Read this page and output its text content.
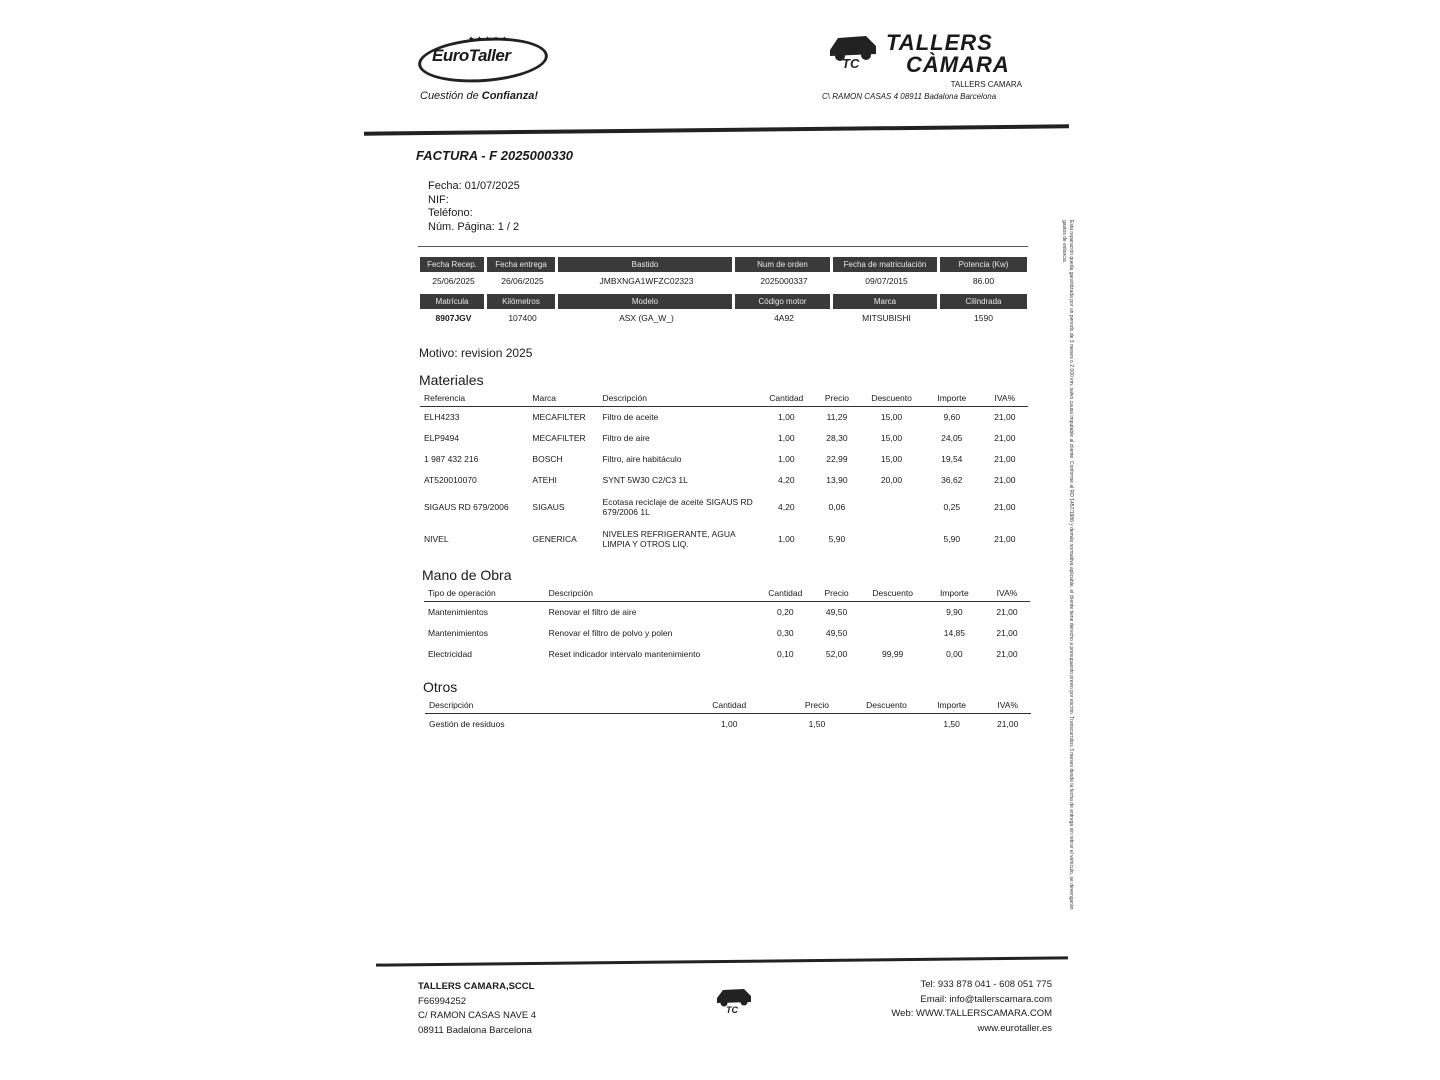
★★★★★
EuroTaller
Cuestión de Confianza!
TC
TALLERS
CÀMARA
TALLERS CAMARA
C\ RAMON CASAS 4 08911 Badalona Barcelona
FACTURA - F 2025000330
Fecha: 01/07/2025
NIF:
Teléfono:
Núm. Página: 1 / 2
Fecha Recep.	Fecha entrega	Bastido	Num de orden	Fecha de matriculación	Potencia (Kw)
25/06/2025	26/06/2025	JMBXNGA1WFZC02323	2025000337	09/07/2015	86.00
Matrícula	Kilómetros	Modelo	Código motor	Marca	Cilindrada
8907JGV	107400	ASX (GA_W_)	4A92	MITSUBISHI	1590
Motivo: revision 2025
Materiales
Referencia	Marca	Descripción	Cantidad	Precio	Descuento	Importe	IVA%
ELH4233	MECAFILTER	Filtro de aceite	1,00	11,29	15,00	9,60	21,00
ELP9494	MECAFILTER	Filtro de aire	1,00	28,30	15,00	24,05	21,00
1 987 432 216	BOSCH	Filtro, aire habitáculo	1,00	22,99	15,00	19,54	21,00
AT520010070	ATEHI	SYNT 5W30 C2/C3 1L	4,20	13,90	20,00	36,62	21,00
SIGAUS RD 679/2006	SIGAUS	Ecotasa reciclaje de aceite SIGAUS RD 679/2006 1L	4,20	0,06		0,25	21,00
NIVEL	GENERICA	NIVELES REFRIGERANTE, AGUA LIMPIA Y OTROS LIQ.	1,00	5,90		5,90	21,00
Mano de Obra
Tipo de operación	Descripción	Cantidad	Precio	Descuento	Importe	IVA%
Mantenimientos	Renovar el filtro de aire	0,20	49,50		9,90	21,00
Mantenimientos	Renovar el filtro de polvo y polen	0,30	49,50		14,85	21,00
Electricidad	Reset indicador intervalo mantenimiento	0,10	52,00	99,99	0,00	21,00
Otros
Descripción	Cantidad	Precio	Descuento	Importe	IVA%
Gestión de residuos	1,00	1,50		1,50	21,00	Esta reparación queda garantizada por un periodo de 3 meses o 2.000 km, salvo causa imputable al cliente. Conforme al RD 1457/1986 y demás normativa aplicable, el cliente tiene derecho a presupuesto previo por escrito. Transcurridos 3 meses desde la fecha de entrega sin retirar el vehículo, se devengarán gastos de estancia.
TALLERS CAMARA,SCCL
F66994252
C/ RAMON CASAS NAVE 4
08911 Badalona Barcelona
TC
Tel: 933 878 041 - 608 051 775
Email: info@tallerscamara.com
Web: WWW.TALLERSCAMARA.COM
www.eurotaller.es
